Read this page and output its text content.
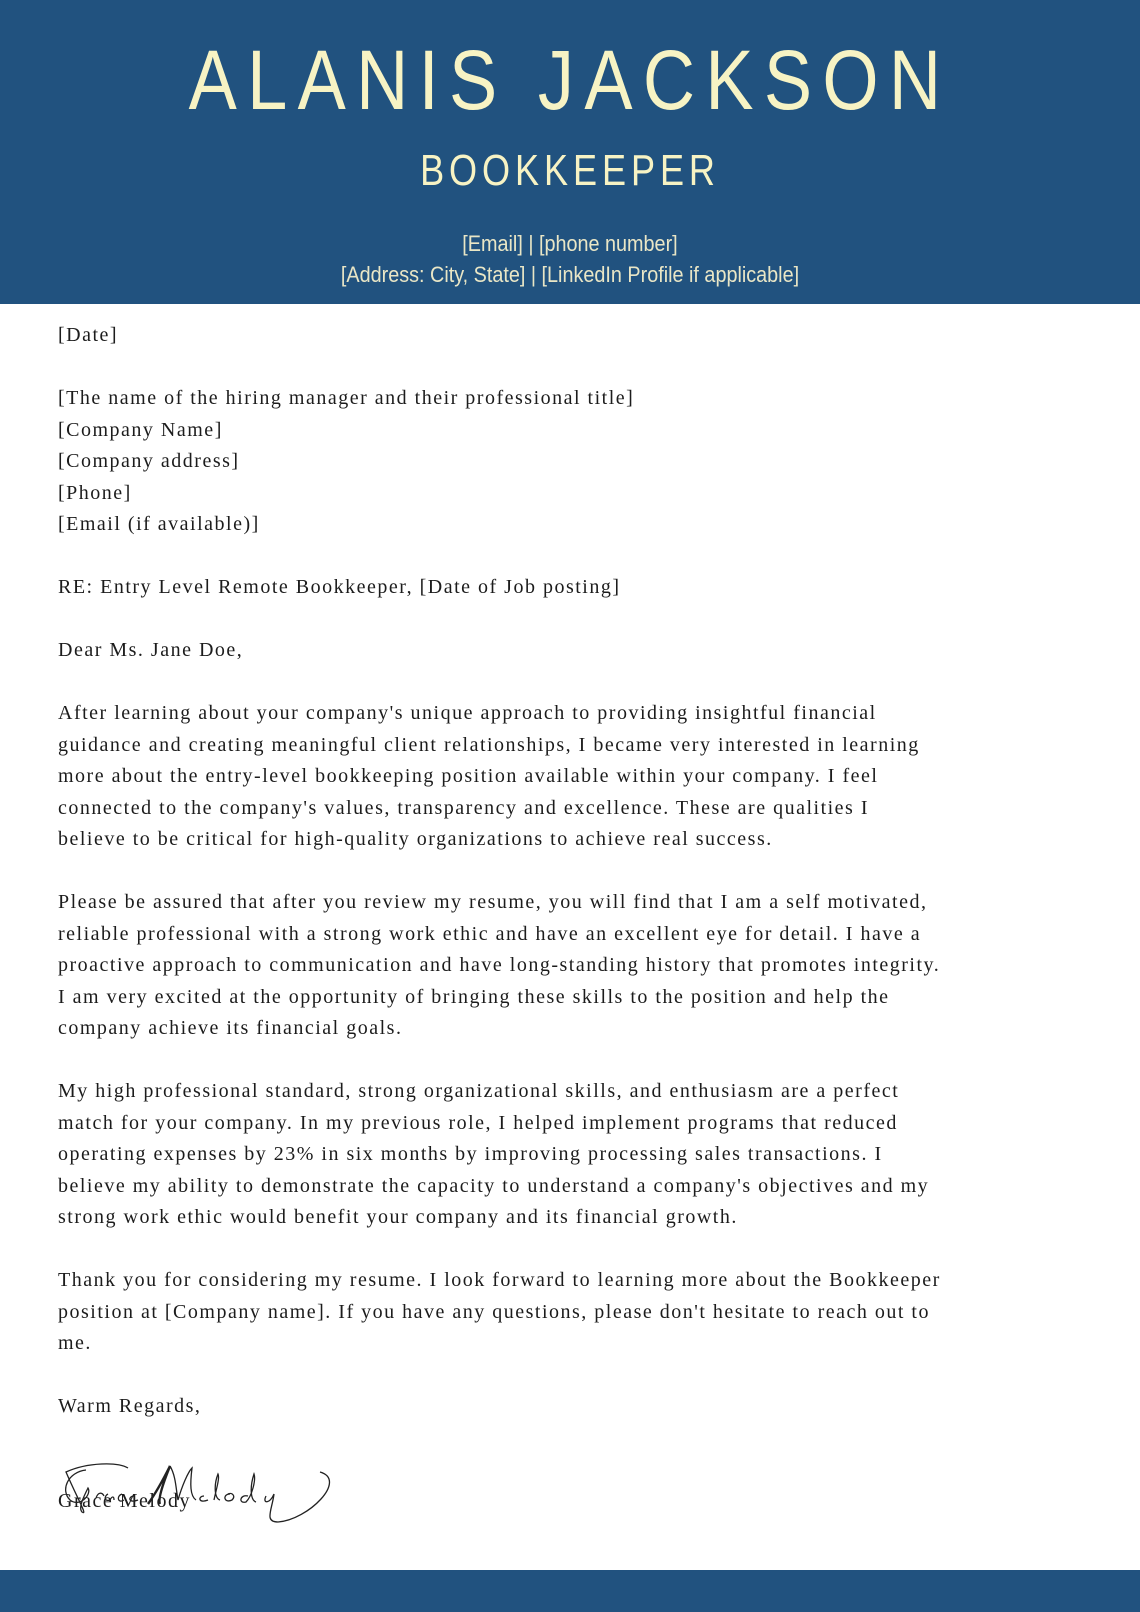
ALANIS JACKSON
BOOKKEEPER
[Email] | [phone number]
[Address: City, State] | [LinkedIn Profile if applicable]
[Date]
[The name of the hiring manager and their professional title]
[Company Name]
[Company address]
[Phone]
[Email (if available)]
RE: Entry Level Remote Bookkeeper, [Date of Job posting]
Dear Ms. Jane Doe,
After learning about your company's unique approach to providing insightful financial
guidance and creating meaningful client relationships, I became very interested in learning
more about the entry-level bookkeeping position available within your company. I feel
connected to the company's values, transparency and excellence. These are qualities I
believe to be critical for high-quality organizations to achieve real success.
Please be assured that after you review my resume, you will find that I am a self motivated,
reliable professional with a strong work ethic and have an excellent eye for detail. I have a
proactive approach to communication and have long-standing history that promotes integrity.
I am very excited at the opportunity of bringing these skills to the position and help the
company achieve its financial goals.
My high professional standard, strong organizational skills, and enthusiasm are a perfect
match for your company. In my previous role, I helped implement programs that reduced
operating expenses by 23% in six months by improving processing sales transactions. I
believe my ability to demonstrate the capacity to understand a company's objectives and my
strong work ethic would benefit your company and its financial growth.
Thank you for considering my resume. I look forward to learning more about the Bookkeeper
position at [Company name]. If you have any questions, please don't hesitate to reach out to
me.
Warm Regards,
Grace Melody
